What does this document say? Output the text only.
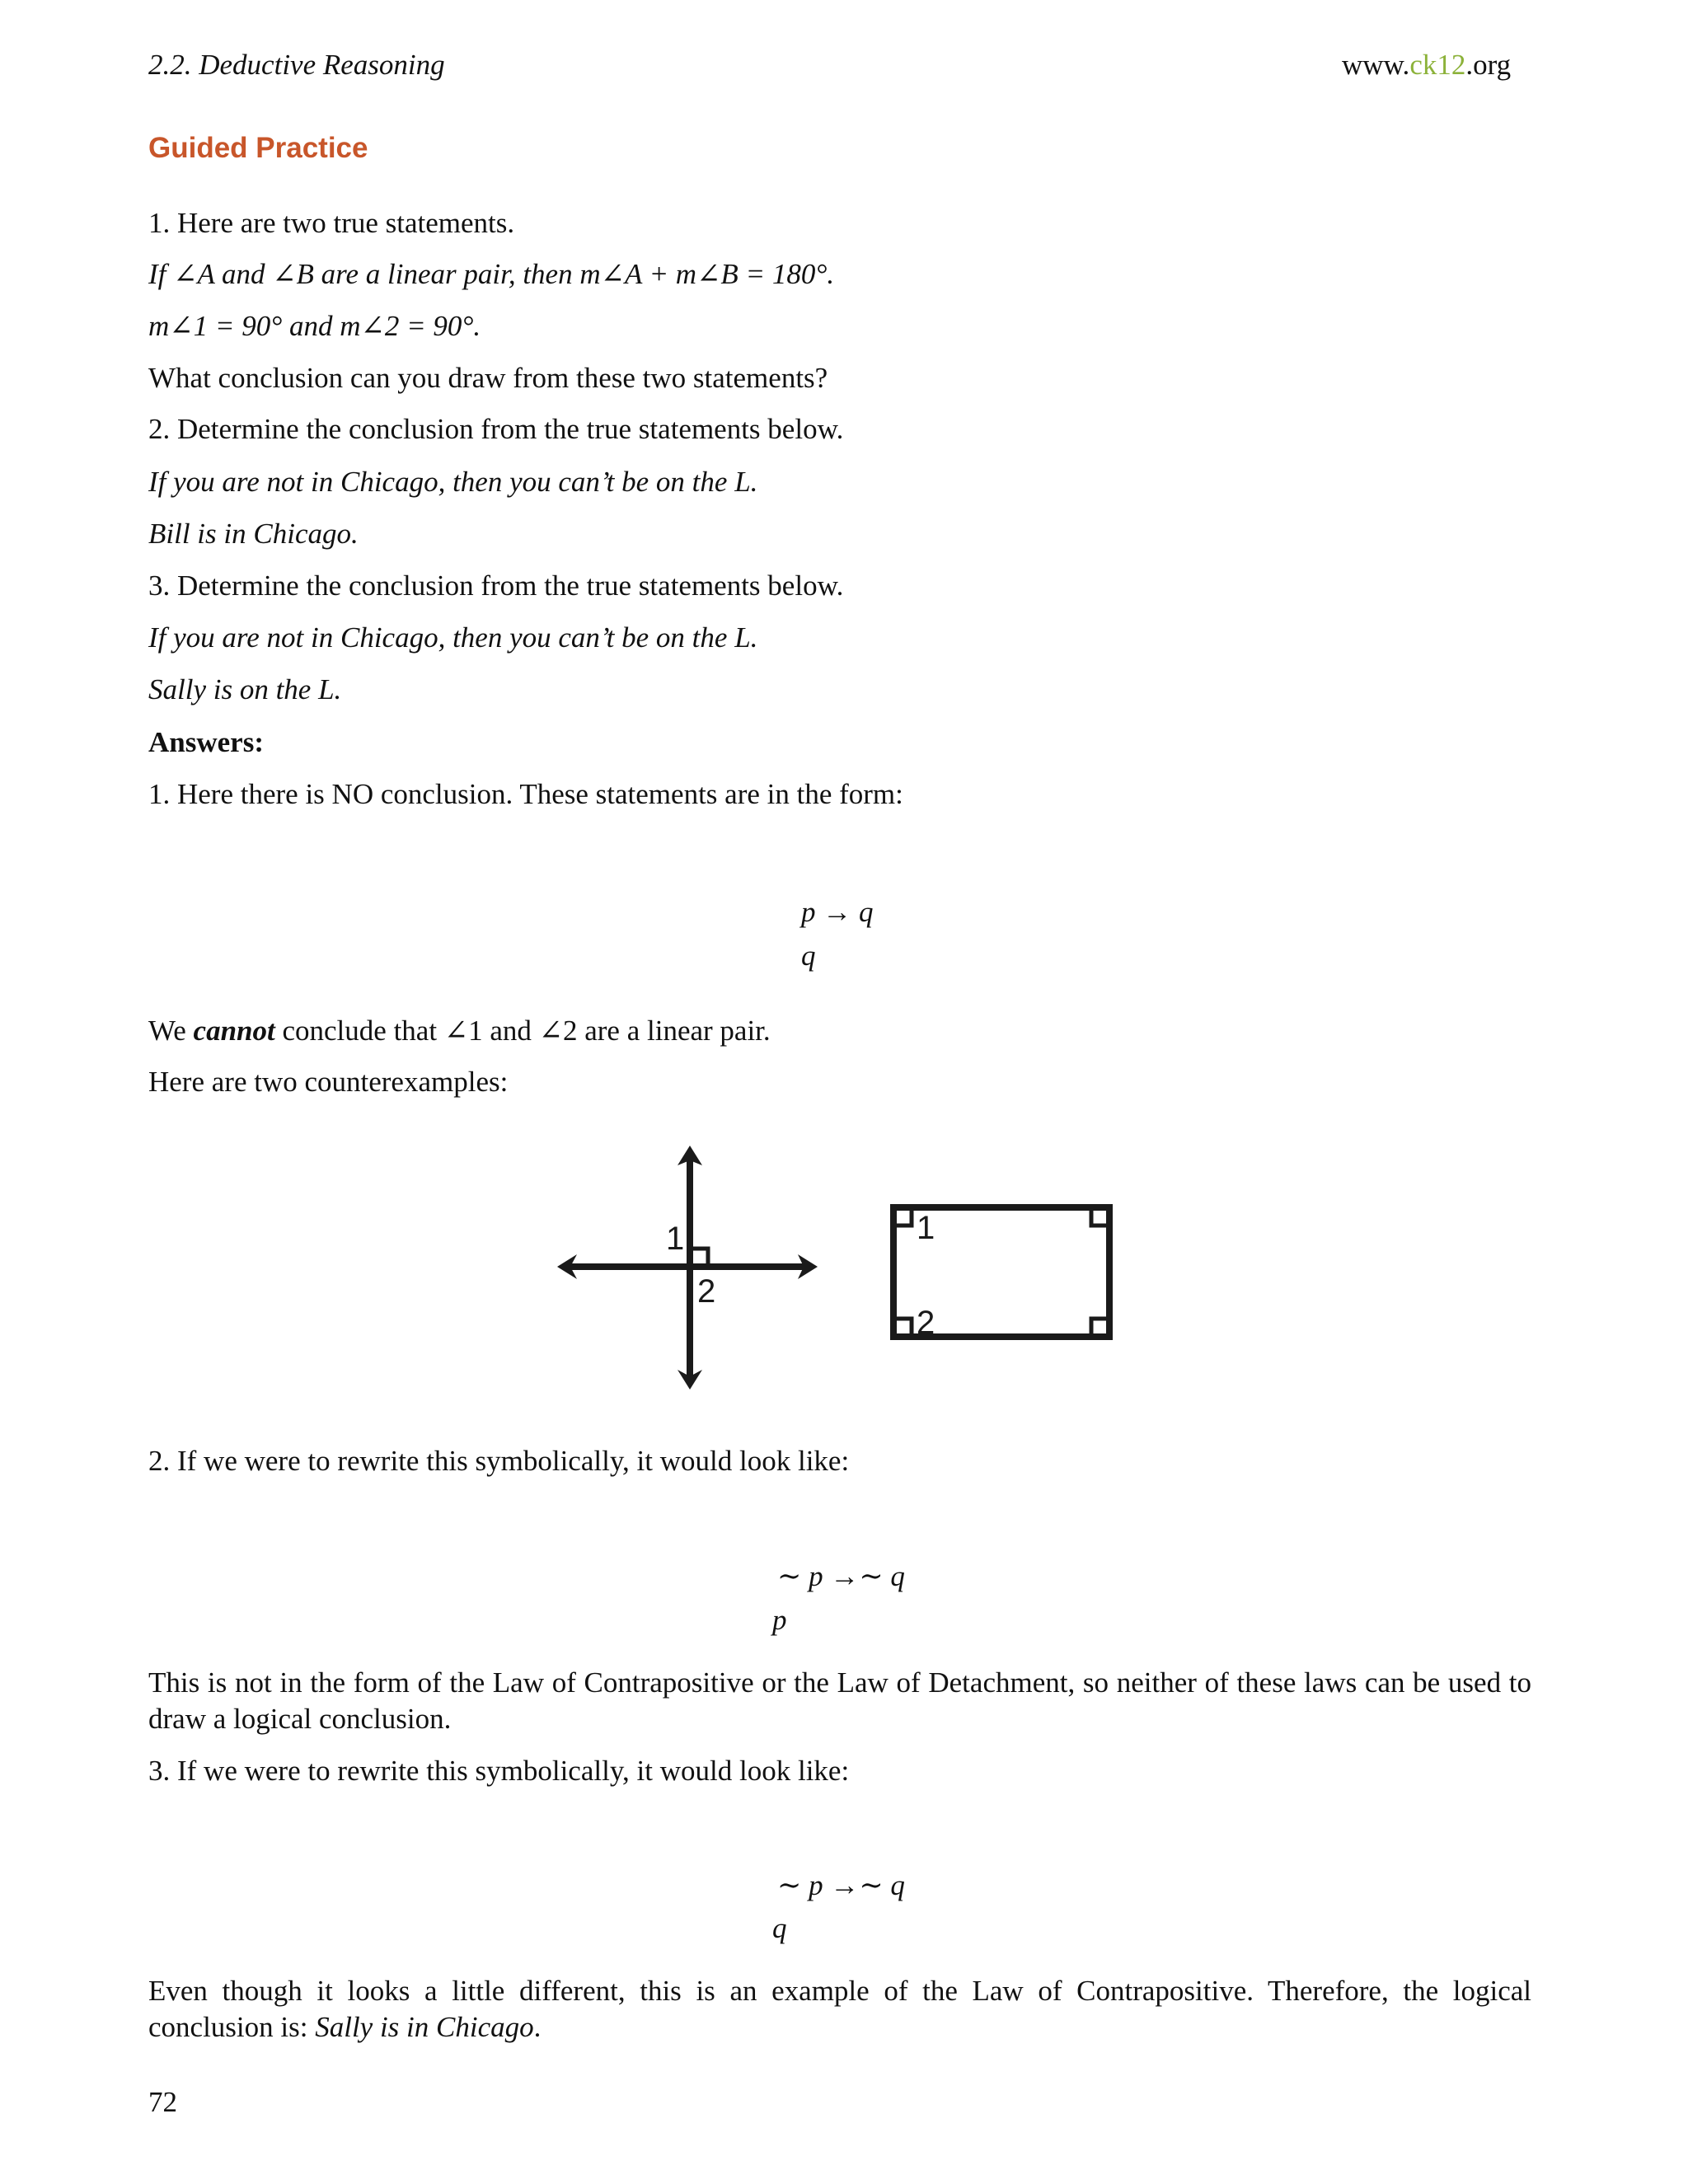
2.2. Deductive Reasoning	www.ck12.org
Guided Practice
1. Here are two true statements.
If ∠A and ∠B are a linear pair, then m∠A + m∠B = 180°.
m∠1 = 90° and m∠2 = 90°.
What conclusion can you draw from these two statements?
2. Determine the conclusion from the true statements below.
If you are not in Chicago, then you can’t be on the L.
Bill is in Chicago.
3. Determine the conclusion from the true statements below.
If you are not in Chicago, then you can’t be on the L.
Sally is on the L.
Answers:
1. Here there is NO conclusion. These statements are in the form:
p → q
q
We cannot conclude that ∠1 and ∠2 are a linear pair.
Here are two counterexamples:
1
2
1
2
2. If we were to rewrite this symbolically, it would look like:
∼ p →∼ q
p
This is not in the form of the Law of Contrapositive or the Law of Detachment, so neither of these laws can be used to draw a logical conclusion.
3. If we were to rewrite this symbolically, it would look like:
∼ p →∼ q
q
Even though it looks a little different, this is an example of the Law of Contrapositive. Therefore, the logical conclusion is: Sally is in Chicago.
72
